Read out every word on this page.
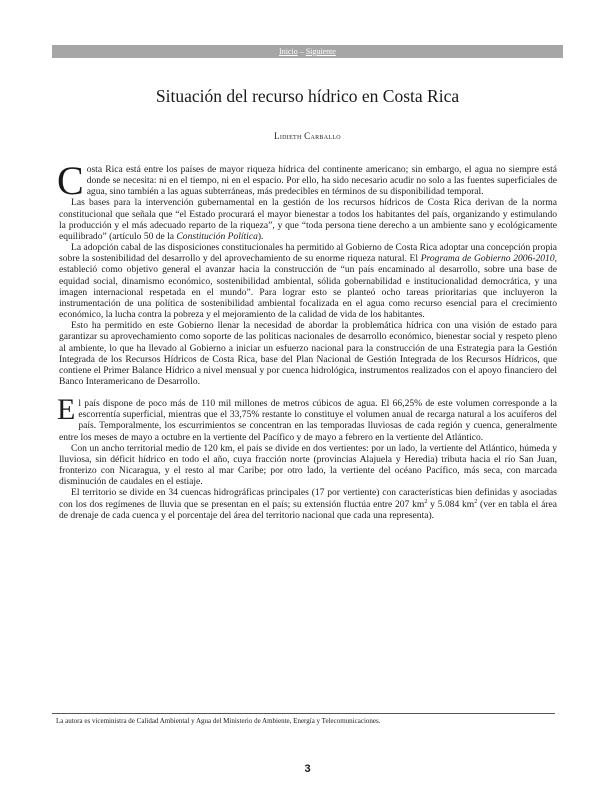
Inicio – Siguiente
Situación del recurso hídrico en Costa Rica
Lidieth Carballo

Costa Rica está entre los países de mayor riqueza hídrica del continente americano; sin embargo, el agua no siempre está donde se necesita: ni en el tiempo, ni en el espacio. Por ello, ha sido necesario acudir no solo a las fuentes superficiales de agua, sino también a las aguas subterráneas, más predecibles en términos de su disponibilidad temporal.

Las bases para la intervención gubernamental en la gestión de los recursos hídricos de Costa Rica derivan de la norma constitucional que señala que “el Estado procurará el mayor bienestar a todos los habitantes del país, organizando y estimulando la producción y el más adecuado reparto de la riqueza”, y que “toda persona tiene derecho a un ambiente sano y ecológicamente equilibrado” (artículo 50 de la Constitución Política).

La adopción cabal de las disposiciones constitucionales ha permitido al Gobierno de Costa Rica adoptar una concepción propia sobre la sostenibilidad del desarrollo y del aprovechamiento de su enorme riqueza natural. El Programa de Gobierno 2006-2010, estableció como objetivo general el avanzar hacia la construcción de “un país encaminado al desarrollo, sobre una base de equidad social, dinamismo económico, sostenibilidad ambiental, sólida gobernabilidad e institucionalidad democrática, y una imagen internacional respetada en el mundo”. Para lograr esto se planteó ocho tareas prioritarias que incluyeron la instrumentación de una política de sostenibilidad ambiental focalizada en el agua como recurso esencial para el crecimiento económico, la lucha contra la pobreza y el mejoramiento de la calidad de vida de los habitantes.

Esto ha permitido en este Gobierno llenar la necesidad de abordar la problemática hídrica con una visión de estado para garantizar su aprovechamiento como soporte de las políticas nacionales de desarrollo económico, bienestar social y respeto pleno al ambiente, lo que ha llevado al Gobierno a iniciar un esfuerzo nacional para la construcción de una Estrategia para la Gestión Integrada de los Recursos Hídricos de Costa Rica, base del Plan Nacional de Gestión Integrada de los Recursos Hídricos, que contiene el Primer Balance Hídrico a nivel mensual y por cuenca hidrológica, instrumentos realizados con el apoyo financiero del Banco Interamericano de Desarrollo.

El país dispone de poco más de 110 mil millones de metros cúbicos de agua. El 66,25% de este volumen corresponde a la escorrentía superficial, mientras que el 33,75% restante lo constituye el volumen anual de recarga natural a los acuíferos del país. Temporalmente, los escurrimientos se concentran en las temporadas lluviosas de cada región y cuenca, generalmente entre los meses de mayo a octubre en la vertiente del Pacífico y de mayo a febrero en la vertiente del Atlántico.

Con un ancho territorial medio de 120 km, el país se divide en dos vertientes: por un lado, la vertiente del Atlántico, húmeda y lluviosa, sin déficit hídrico en todo el año, cuya fracción norte (provincias Alajuela y Heredia) tributa hacia el río San Juan, fronterizo con Nicaragua, y el resto al mar Caribe; por otro lado, la vertiente del océano Pacífico, más seca, con marcada disminución de caudales en el estiaje.

El territorio se divide en 34 cuencas hidrográficas principales (17 por vertiente) con características bien definidas y asociadas con los dos regímenes de lluvia que se presentan en el país; su extensión fluctúa entre 207 $km^2$ y 5.084 $km^2$ (ver en tabla el área de drenaje de cada cuenca y el porcentaje del área del territorio nacional que cada una representa).

La autora es viceministra de Calidad Ambiental y Agua del Ministerio de Ambiente, Energía y Telecomunicaciones.
3
